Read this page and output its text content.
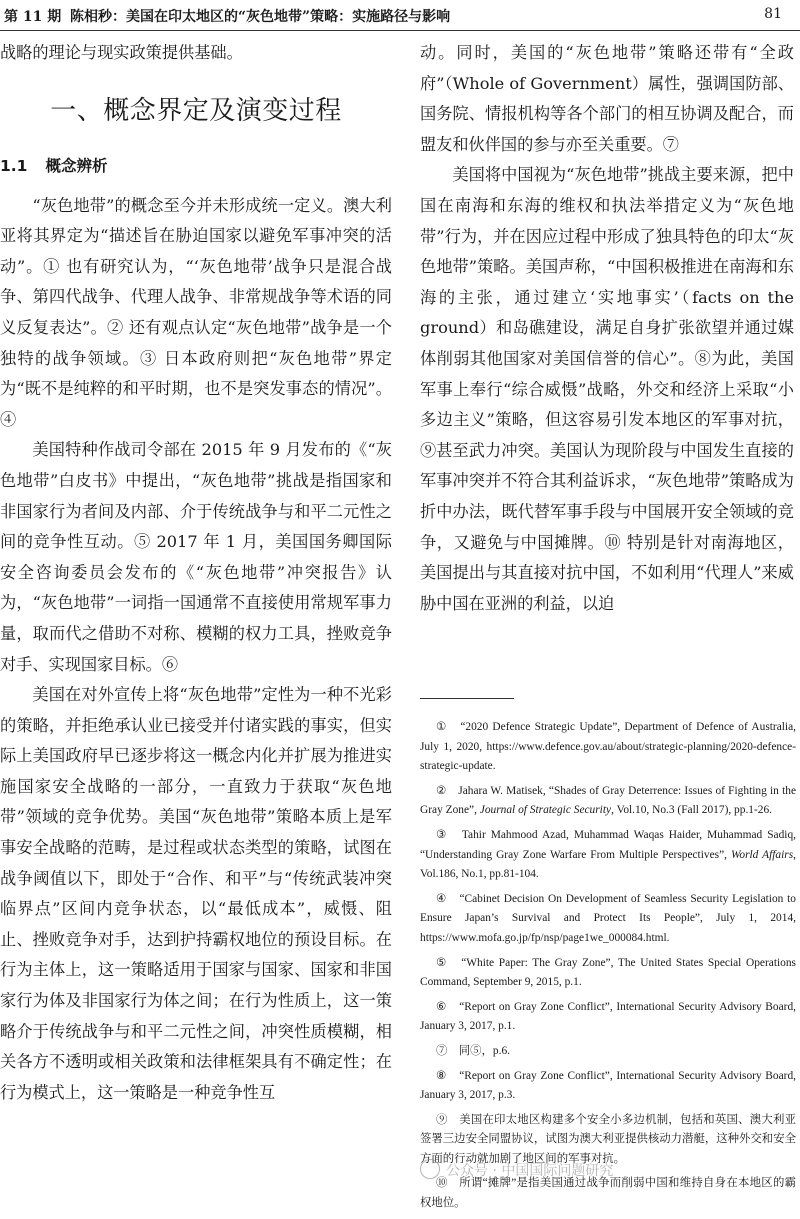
第 11 期 陈相秒：美国在印太地区的“灰色地带”策略：实施路径与影响	81

战略的理论与现实政策提供基础。

一、概念界定及演变过程
1.1 概念辨析

“灰色地带”的概念至今并未形成统一定义。澳大利亚将其界定为“描述旨在胁迫国家以避免军事冲突的活动”。① 也有研究认为，“‘灰色地带’战争只是混合战争、第四代战争、代理人战争、非常规战争等术语的同义反复表达”。② 还有观点认定“灰色地带”战争是一个独特的战争领域。③ 日本政府则把“灰色地带”界定为“既不是纯粹的和平时期，也不是突发事态的情况”。④

美国特种作战司令部在 2015 年 9 月发布的《“灰色地带”白皮书》中提出，“灰色地带”挑战是指国家和非国家行为者间及内部、介于传统战争与和平二元性之间的竞争性互动。⑤ 2017 年 1 月，美国国务卿国际安全咨询委员会发布的《“灰色地带”冲突报告》认为，“灰色地带”一词指一国通常不直接使用常规军事力量，取而代之借助不对称、模糊的权力工具，挫败竞争对手、实现国家目标。⑥

美国在对外宣传上将“灰色地带”定性为一种不光彩的策略，并拒绝承认业已接受并付诸实践的事实，但实际上美国政府早已逐步将这一概念内化并扩展为推进实施国家安全战略的一部分，一直致力于获取“灰色地带”领域的竞争优势。美国“灰色地带”策略本质上是军事安全战略的范畴，是过程或状态类型的策略，试图在战争阈值以下，即处于“合作、和平”与“传统武装冲突临界点”区间内竞争状态，以“最低成本”，威慑、阻止、挫败竞争对手，达到护持霸权地位的预设目标。在行为主体上，这一策略适用于国家与国家、国家和非国家行为体及非国家行为体之间；在行为性质上，这一策略介于传统战争与和平二元性之间，冲突性质模糊，相关各方不透明或相关政策和法律框架具有不确定性；在行为模式上，这一策略是一种竞争性互

动。同时，美国的“灰色地带”策略还带有“全政府”（Whole of Government）属性，强调国防部、国务院、情报机构等各个部门的相互协调及配合，而盟友和伙伴国的参与亦至关重要。⑦

美国将中国视为“灰色地带”挑战主要来源，把中国在南海和东海的维权和执法举措定义为“灰色地带”行为，并在因应过程中形成了独具特色的印太“灰色地带”策略。美国声称，“中国积极推进在南海和东海的主张，通过建立‘实地事实’（facts on the ground）和岛礁建设，满足自身扩张欲望并通过媒体削弱其他国家对美国信誉的信心”。⑧为此，美国军事上奉行“综合威慑”战略，外交和经济上采取“小多边主义”策略，但这容易引发本地区的军事对抗，⑨甚至武力冲突。美国认为现阶段与中国发生直接的军事冲突并不符合其利益诉求，“灰色地带”策略成为折中办法，既代替军事手段与中国展开安全领域的竞争，又避免与中国摊牌。⑩ 特别是针对南海地区，美国提出与其直接对抗中国，不如利用“代理人”来威胁中国在亚洲的利益，以迫

①　“2020 Defence Strategic Update”, Department of Defence of Australia, July 1, 2020, https://www.defence.gov.au/about/strategic-planning/2020-defence-strategic-update.

②　Jahara W. Matisek, “Shades of Gray Deterrence: Issues of Fighting in the Gray Zone”, Journal of Strategic Security, Vol.10, No.3 (Fall 2017), pp.1-26.

③　Tahir Mahmood Azad, Muhammad Waqas Haider, Muhammad Sadiq, “Understanding Gray Zone Warfare From Multiple Perspectives”, World Affairs, Vol.186, No.1, pp.81-104.

④　“Cabinet Decision On Development of Seamless Security Legislation to Ensure Japan’s Survival and Protect Its People”, July 1, 2014, https://www.mofa.go.jp/fp/nsp/page1we_000084.html.

⑤　“White Paper: The Gray Zone”, The United States Special Operations Command, September 9, 2015, p.1.

⑥　“Report on Gray Zone Conflict”, International Security Advisory Board, January 3, 2017, p.1.

⑦　同⑤，p.6.

⑧　“Report on Gray Zone Conflict”, International Security Advisory Board, January 3, 2017, p.3.

⑨　美国在印太地区构建多个安全小多边机制，包括和英国、澳大利亚签署三边安全同盟协议，试图为澳大利亚提供核动力潜艇，这种外交和安全方面的行动就加剧了地区间的军事对抗。

⑩　所谓“摊牌”是指美国通过战争而削弱中国和维持自身在本地区的霸权地位。

公众号 · 中国国际问题研究
